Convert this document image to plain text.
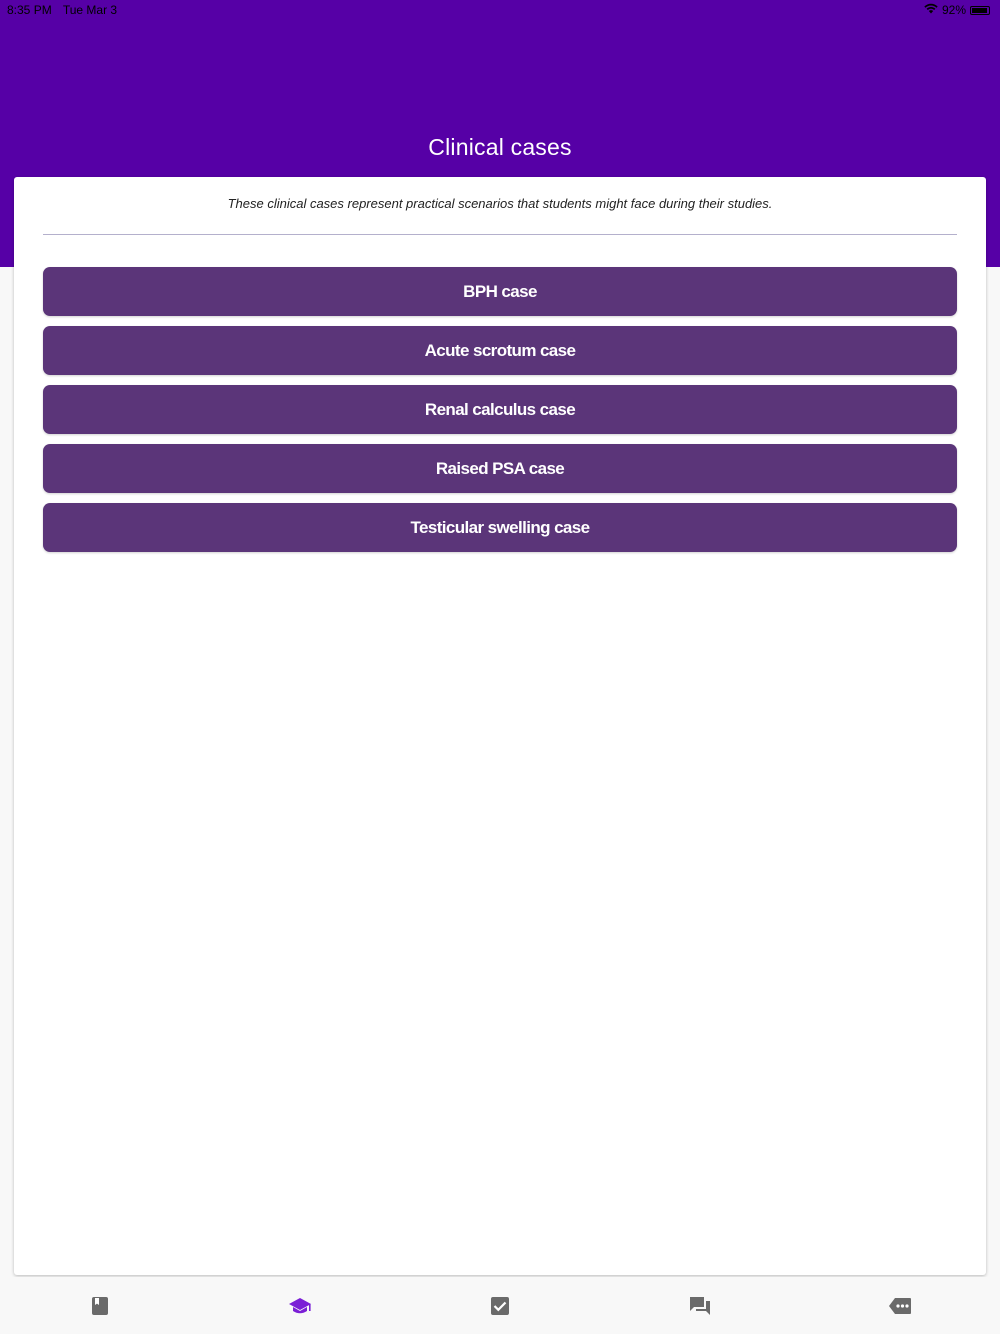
8:35 PM Tue Mar 3	92%
Clinical cases
These clinical cases represent practical scenarios that students might face during their studies.
BPH case
Acute scrotum case
Renal calculus case
Raised PSA case
Testicular swelling case
